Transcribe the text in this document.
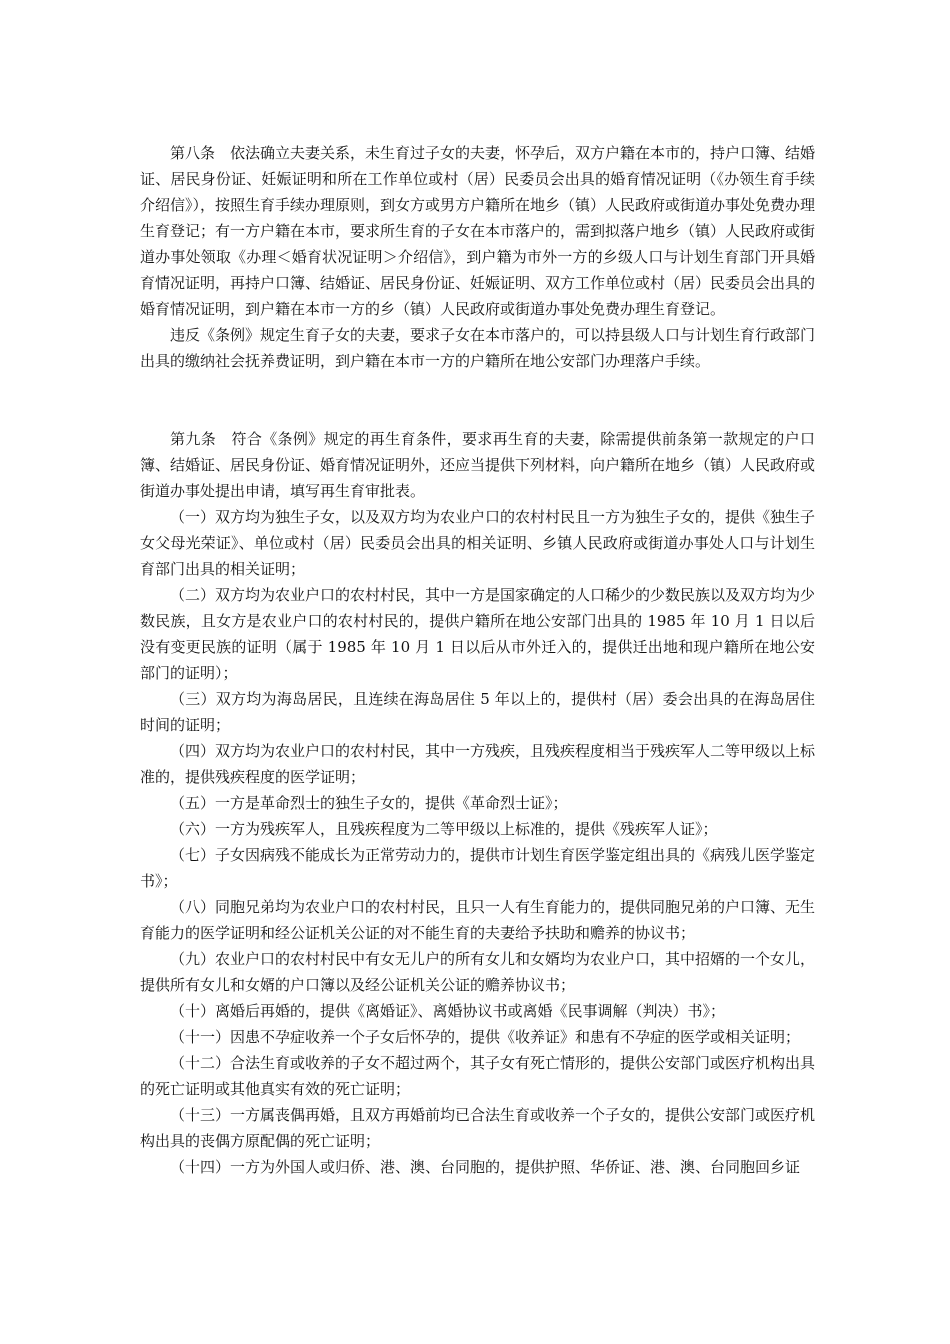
第八条　依法确立夫妻关系，未生育过子女的夫妻，怀孕后，双方户籍在本市的，持户口簿、结婚证、居民身份证、妊娠证明和所在工作单位或村（居）民委员会出具的婚育情况证明（《办领生育手续介绍信》），按照生育手续办理原则，到女方或男方户籍所在地乡（镇）人民政府或街道办事处免费办理生育登记；有一方户籍在本市，要求所生育的子女在本市落户的，需到拟落户地乡（镇）人民政府或街道办事处领取《办理＜婚育状况证明＞介绍信》，到户籍为市外一方的乡级人口与计划生育部门开具婚育情况证明，再持户口簿、结婚证、居民身份证、妊娠证明、双方工作单位或村（居）民委员会出具的婚育情况证明，到户籍在本市一方的乡（镇）人民政府或街道办事处免费办理生育登记。

违反《条例》规定生育子女的夫妻，要求子女在本市落户的，可以持县级人口与计划生育行政部门出具的缴纳社会抚养费证明，到户籍在本市一方的户籍所在地公安部门办理落户手续。

第九条　符合《条例》规定的再生育条件，要求再生育的夫妻，除需提供前条第一款规定的户口簿、结婚证、居民身份证、婚育情况证明外，还应当提供下列材料，向户籍所在地乡（镇）人民政府或街道办事处提出申请，填写再生育审批表。

（一）双方均为独生子女，以及双方均为农业户口的农村村民且一方为独生子女的，提供《独生子女父母光荣证》、单位或村（居）民委员会出具的相关证明、乡镇人民政府或街道办事处人口与计划生育部门出具的相关证明；

（二）双方均为农业户口的农村村民，其中一方是国家确定的人口稀少的少数民族以及双方均为少数民族，且女方是农业户口的农村村民的，提供户籍所在地公安部门出具的 1985 年 10 月 1 日以后没有变更民族的证明（属于 1985 年 10 月 1 日以后从市外迁入的，提供迁出地和现户籍所在地公安部门的证明）；

（三）双方均为海岛居民，且连续在海岛居住 5 年以上的，提供村（居）委会出具的在海岛居住时间的证明；

（四）双方均为农业户口的农村村民，其中一方残疾，且残疾程度相当于残疾军人二等甲级以上标准的，提供残疾程度的医学证明；

（五）一方是革命烈士的独生子女的，提供《革命烈士证》；

（六）一方为残疾军人，且残疾程度为二等甲级以上标准的，提供《残疾军人证》；

（七）子女因病残不能成长为正常劳动力的，提供市计划生育医学鉴定组出具的《病残儿医学鉴定书》；

（八）同胞兄弟均为农业户口的农村村民，且只一人有生育能力的，提供同胞兄弟的户口簿、无生育能力的医学证明和经公证机关公证的对不能生育的夫妻给予扶助和赡养的协议书；

（九）农业户口的农村村民中有女无儿户的所有女儿和女婿均为农业户口，其中招婿的一个女儿，提供所有女儿和女婿的户口簿以及经公证机关公证的赡养协议书；

（十）离婚后再婚的，提供《离婚证》、离婚协议书或离婚《民事调解（判决）书》；

（十一）因患不孕症收养一个子女后怀孕的，提供《收养证》和患有不孕症的医学或相关证明；

（十二）合法生育或收养的子女不超过两个，其子女有死亡情形的，提供公安部门或医疗机构出具的死亡证明或其他真实有效的死亡证明；

（十三）一方属丧偶再婚，且双方再婚前均已合法生育或收养一个子女的，提供公安部门或医疗机构出具的丧偶方原配偶的死亡证明；

（十四）一方为外国人或归侨、港、澳、台同胞的，提供护照、华侨证、港、澳、台同胞回乡证
